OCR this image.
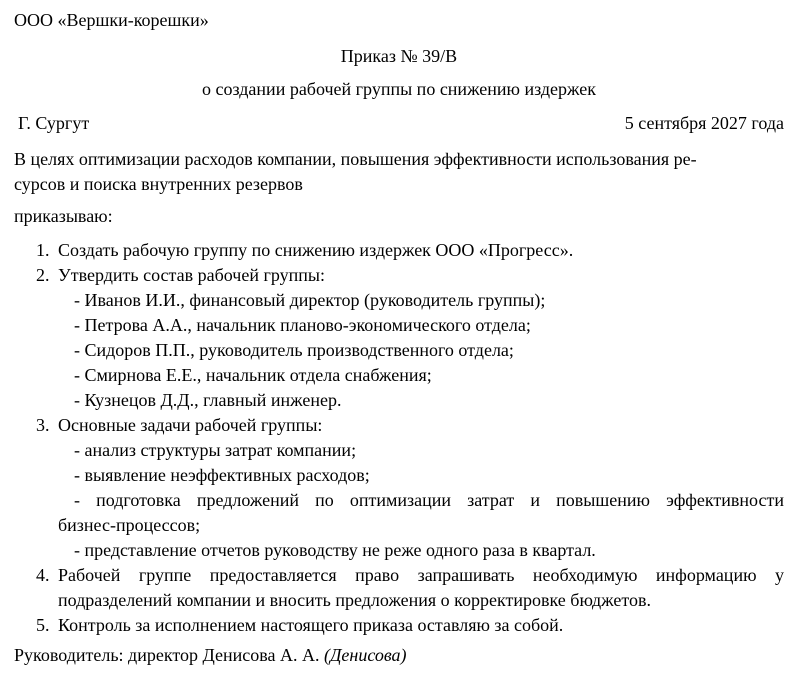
ООО «Вершки-корешки»
Приказ № 39/В
о создании рабочей группы по снижению издержек
Г. Сургут	5 сентября 2027 года
В целях оптимизации расходов компании, повышения эффективности использования ре-
сурсов и поиска внутренних резервов
приказываю:
1. Создать рабочую группу по снижению издержек ООО «Прогресс».
2. Утвердить состав рабочей группы:
- Иванов И.И., финансовый директор (руководитель группы);
- Петрова А.А., начальник планово-экономического отдела;
- Сидоров П.П., руководитель производственного отдела;
- Смирнова Е.Е., начальник отдела снабжения;
- Кузнецов Д.Д., главный инженер.
3. Основные задачи рабочей группы:
- анализ структуры затрат компании;
- выявление неэффективных расходов;
- подготовка предложений по оптимизации затрат и повышению эффективности
бизнес-процессов;
- представление отчетов руководству не реже одного раза в квартал.
4. Рабочей группе предоставляется право запрашивать необходимую информацию у
подразделений компании и вносить предложения о корректировке бюджетов.
5. Контроль за исполнением настоящего приказа оставляю за собой.
Руководитель: директор Денисова А. А. (Денисова)
